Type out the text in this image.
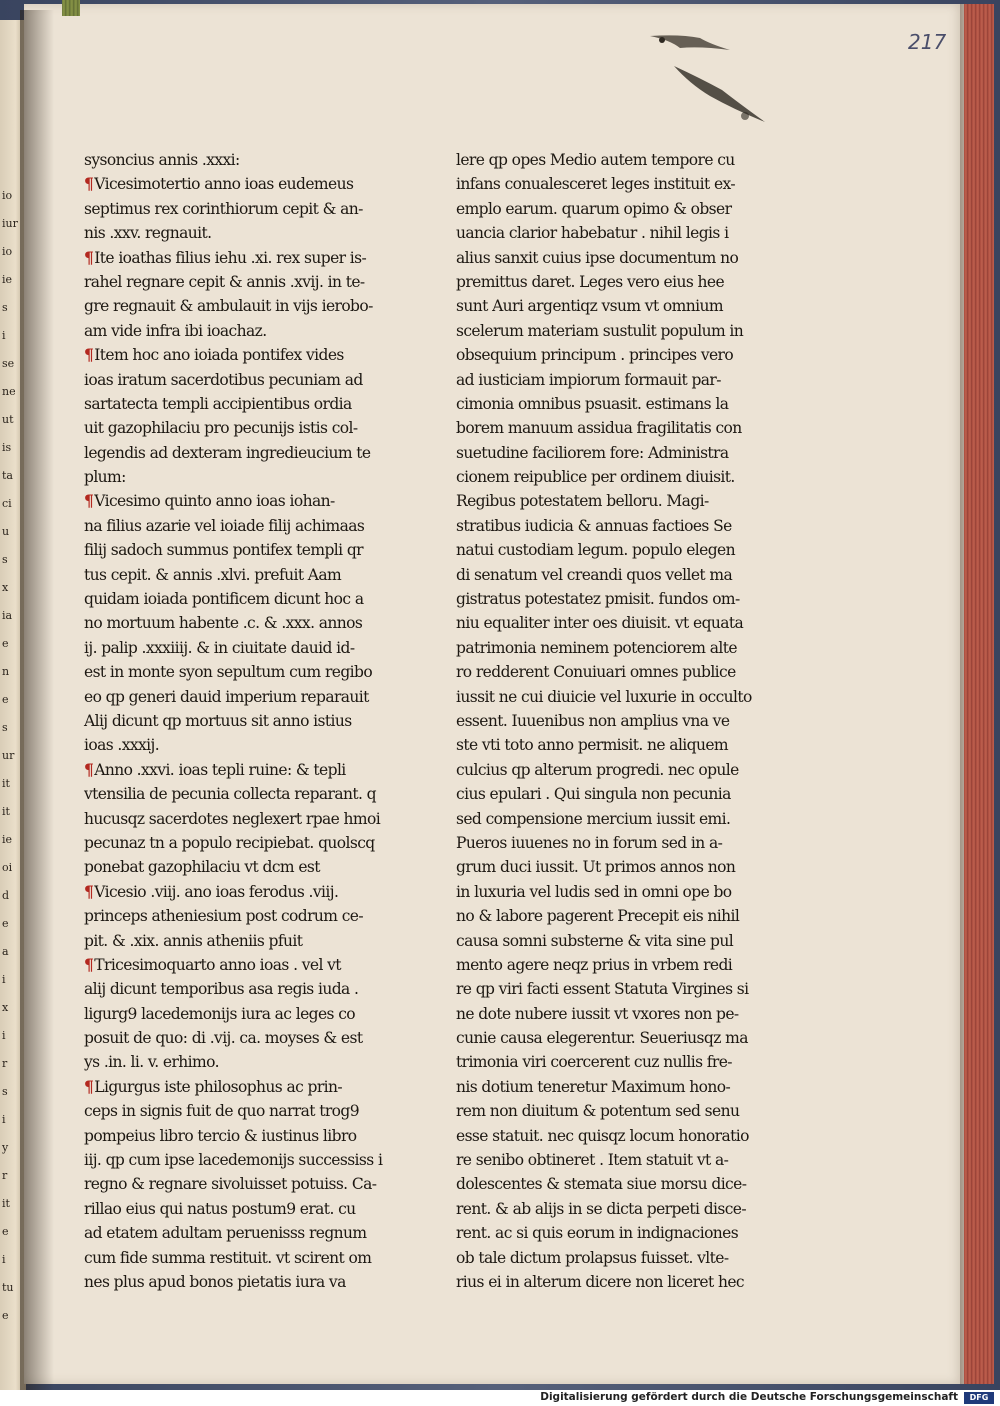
io
iur
io
ie
s
i
se
ne
ut
is
ta
ci
u
s
x
ia
e
n
e
s
ur
it
it
ie
oi
d
e
a
i
x
i
r
s
i
y
r
it
e
i
tu
e
217
sysoncius annis .xxxi:
¶Vicesimotertio anno ioas eudemeus
septimus rex corinthiorum cepit & an-
nis .xxv. regnauit.
¶Ite ioathas filius iehu .xi. rex super is-
rahel regnare cepit & annis .xvij. in te-
gre regnauit & ambulauit in vijs ierobo-
am vide infra ibi ioachaz.
¶Item hoc ano ioiada pontifex vides
ioas iratum sacerdotibus pecuniam ad
sartatecta templi accipientibus ordia
uit gazophilaciu pro pecunijs istis col-
legendis ad dexteram ingredieucium te
plum:
¶Vicesimo quinto anno ioas iohan-
na filius azarie vel ioiade filij achimaas
filij sadoch summus pontifex templi qr
tus cepit. & annis .xlvi. prefuit Aam
quidam ioiada pontificem dicunt hoc a
no mortuum habente .c. & .xxx. annos
ij. palip .xxxiiij. & in ciuitate dauid id-
est in monte syon sepultum cum regibo
eo qp generi dauid imperium reparauit
Alij dicunt qp mortuus sit anno istius
ioas .xxxij.
¶Anno .xxvi. ioas tepli ruine: & tepli
vtensilia de pecunia collecta reparant. q
hucusqz sacerdotes neglexert rpae hmoi
pecunaz tn a populo recipiebat. quolscq
ponebat gazophilaciu vt dcm est
¶Vicesio .viij. ano ioas ferodus .viij.
princeps atheniesium post codrum ce-
pit. & .xix. annis atheniis pfuit
¶Tricesimoquarto anno ioas . vel vt
alij dicunt temporibus asa regis iuda .
ligurg9 lacedemonijs iura ac leges co
posuit de quo: di .vij. ca. moyses & est
ys .in. li. v. erhimo.
¶Ligurgus iste philosophus ac prin-
ceps in signis fuit de quo narrat trog9
pompeius libro tercio & iustinus libro
iij. qp cum ipse lacedemonijs successiss i
regno & regnare sivoluisset potuiss. Ca-
rillao eius qui natus postum9 erat. cu
ad etatem adultam peruenisss regnum
cum fide summa restituit. vt scirent om
nes plus apud bonos pietatis iura va
lere qp opes Medio autem tempore cu
infans conualesceret leges instituit ex-
emplo earum. quarum opimo & obser
uancia clarior habebatur . nihil legis i
alius sanxit cuius ipse documentum no
premittus daret. Leges vero eius hee
sunt Auri argentiqz vsum vt omnium
scelerum materiam sustulit populum in
obsequium principum . principes vero
ad iusticiam impiorum formauit par-
cimonia omnibus psuasit. estimans la
borem manuum assidua fragilitatis con
suetudine faciliorem fore: Administra
cionem reipublice per ordinem diuisit.
Regibus potestatem belloru. Magi-
stratibus iudicia & annuas factioes Se
natui custodiam legum. populo elegen
di senatum vel creandi quos vellet ma
gistratus potestatez pmisit. fundos om-
niu equaliter inter oes diuisit. vt equata
patrimonia neminem potenciorem alte
ro redderent Conuiuari omnes publice
iussit ne cui diuicie vel luxurie in occulto
essent. Iuuenibus non amplius vna ve
ste vti toto anno permisit. ne aliquem
culcius qp alterum progredi. nec opule
cius epulari . Qui singula non pecunia
sed compensione mercium iussit emi.
Pueros iuuenes no in forum sed in a-
grum duci iussit. Ut primos annos non
in luxuria vel ludis sed in omni ope bo
no & labore pagerent Precepit eis nihil
causa somni substerne & vita sine pul
mento agere neqz prius in vrbem redi
re qp viri facti essent Statuta Virgines si
ne dote nubere iussit vt vxores non pe-
cunie causa elegerentur. Seueriusqz ma
trimonia viri coercerent cuz nullis fre-
nis dotium teneretur Maximum hono-
rem non diuitum & potentum sed senu
esse statuit. nec quisqz locum honoratio
re senibo obtineret . Item statuit vt a-
dolescentes & stemata siue morsu dice-
rent. & ab alijs in se dicta perpeti disce-
rent. ac si quis eorum in indignaciones
ob tale dictum prolapsus fuisset. vlte-
rius ei in alterum dicere non liceret hec
Digitalisierung gefördert durch die Deutsche Forschungsgemeinschaft	DFG
